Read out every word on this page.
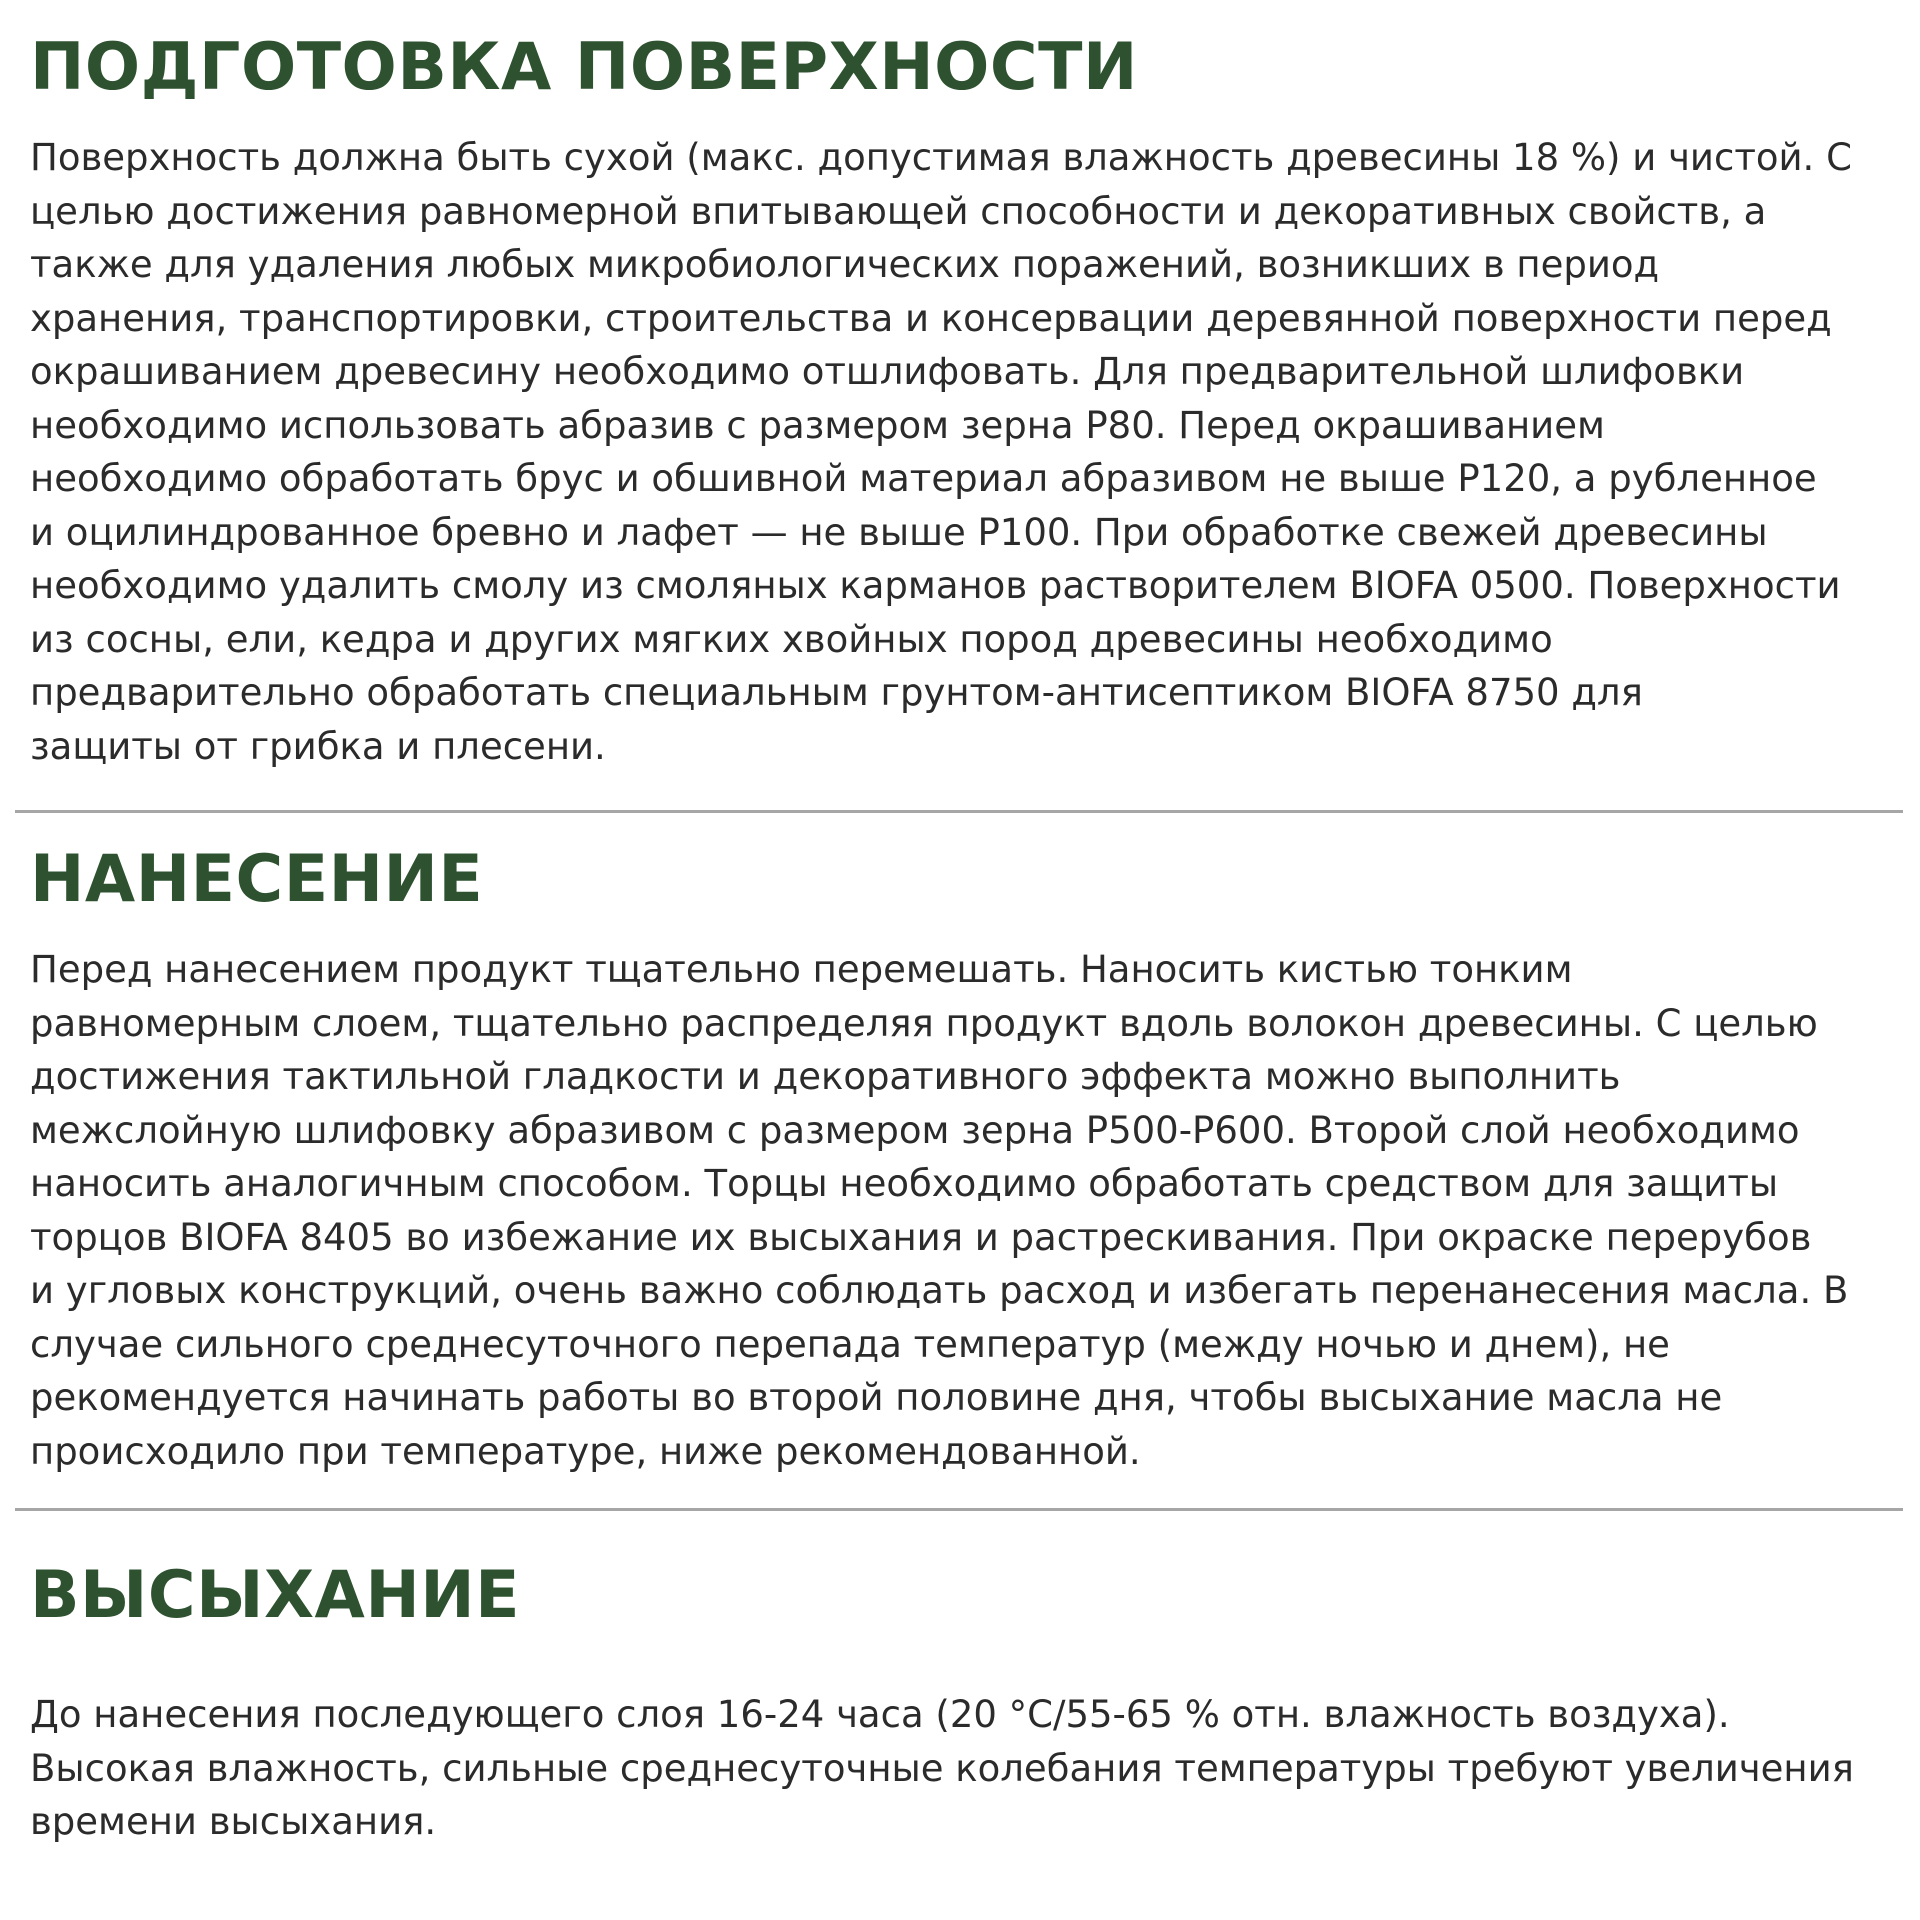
ПОДГОТОВКА ПОВЕРХНОСТИ

Поверхность должна быть сухой (макс. допустимая влажность древесины 18 %) и чистой. С
целью достижения равномерной впитывающей способности и декоративных свойств, а
также для удаления любых микробиологических поражений, возникших в период
хранения, транспортировки, строительства и консервации деревянной поверхности перед
окрашиванием древесину необходимо отшлифовать. Для предварительной шлифовки
необходимо использовать абразив с размером зерна Р80. Перед окрашиванием
необходимо обработать брус и обшивной материал абразивом не выше Р120, а рубленное
и оцилиндрованное бревно и лафет — не выше Р100. При обработке свежей древесины
необходимо удалить смолу из смоляных карманов растворителем BIOFA 0500. Поверхности
из сосны, ели, кедра и других мягких хвойных пород древесины необходимо
предварительно обработать специальным грунтом-антисептиком BIOFA 8750 для
защиты от грибка и плесени.

НАНЕСЕНИЕ

Перед нанесением продукт тщательно перемешать. Наносить кистью тонким
равномерным слоем, тщательно распределяя продукт вдоль волокон древесины. С целью
достижения тактильной гладкости и декоративного эффекта можно выполнить
межслойную шлифовку абразивом с размером зерна Р500-Р600. Второй слой необходимо
наносить аналогичным способом. Торцы необходимо обработать средством для защиты
торцов BIOFA 8405 во избежание их высыхания и растрескивания. При окраске перерубов
и угловых конструкций, очень важно соблюдать расход и избегать перенанесения масла. В
случае сильного среднесуточного перепада температур (между ночью и днем), не
рекомендуется начинать работы во второй половине дня, чтобы высыхание масла не
происходило при температуре, ниже рекомендованной.

ВЫСЫХАНИЕ

До нанесения последующего слоя 16-24 часа (20 °С/55-65 % отн. влажность воздуха).
Высокая влажность, сильные среднесуточные колебания температуры требуют увеличения
времени высыхания.
